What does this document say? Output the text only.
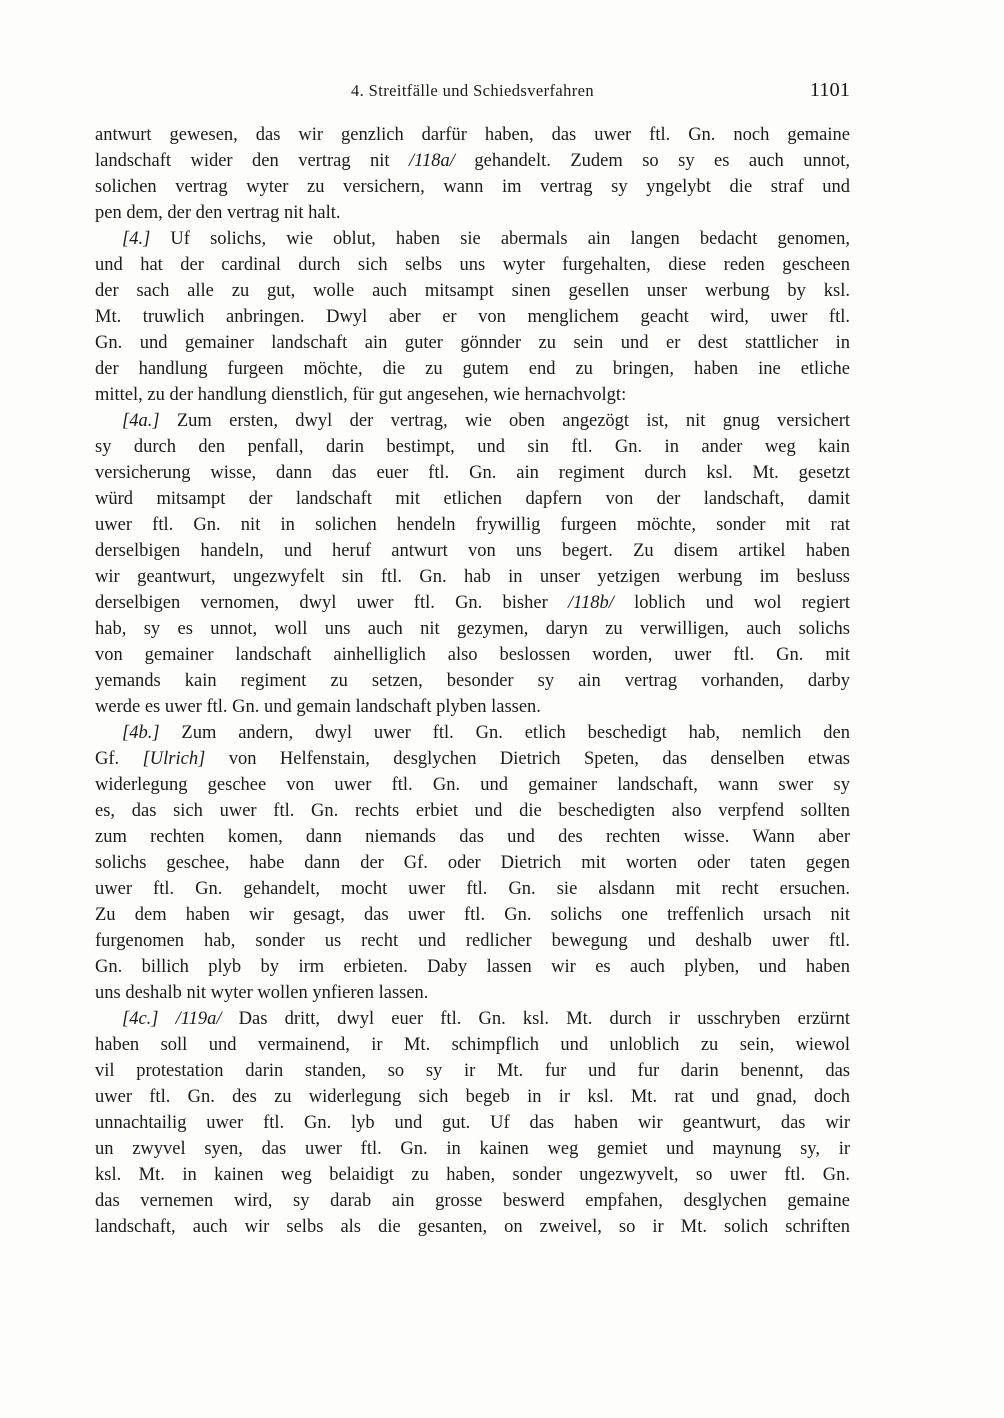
4. Streitfälle und Schiedsverfahren	1101
antwurt gewesen, das wir genzlich darfür haben, das uwer ftl. Gn. noch gemaine
landschaft wider den vertrag nit /118a/ gehandelt. Zudem so sy es auch unnot,
solichen vertrag wyter zu versichern, wann im vertrag sy yngelybt die straf und
pen dem, der den vertrag nit halt.
[4.] Uf solichs, wie oblut, haben sie abermals ain langen bedacht genomen,
und hat der cardinal durch sich selbs uns wyter furgehalten, diese reden gescheen
der sach alle zu gut, wolle auch mitsampt sinen gesellen unser werbung by ksl.
Mt. truwlich anbringen. Dwyl aber er von menglichem geacht wird, uwer ftl.
Gn. und gemainer landschaft ain guter gönnder zu sein und er dest stattlicher in
der handlung furgeen möchte, die zu gutem end zu bringen, haben ine etliche
mittel, zu der handlung dienstlich, für gut angesehen, wie hernachvolgt:
[4a.] Zum ersten, dwyl der vertrag, wie oben angezögt ist, nit gnug versichert
sy durch den penfall, darin bestimpt, und sin ftl. Gn. in ander weg kain
versicherung wisse, dann das euer ftl. Gn. ain regiment durch ksl. Mt. gesetzt
würd mitsampt der landschaft mit etlichen dapfern von der landschaft, damit
uwer ftl. Gn. nit in solichen hendeln frywillig furgeen möchte, sonder mit rat
derselbigen handeln, und heruf antwurt von uns begert. Zu disem artikel haben
wir geantwurt, ungezwyfelt sin ftl. Gn. hab in unser yetzigen werbung im besluss
derselbigen vernomen, dwyl uwer ftl. Gn. bisher /118b/ loblich und wol regiert
hab, sy es unnot, woll uns auch nit gezymen, daryn zu verwilligen, auch solichs
von gemainer landschaft ainhelliglich also beslossen worden, uwer ftl. Gn. mit
yemands kain regiment zu setzen, besonder sy ain vertrag vorhanden, darby
werde es uwer ftl. Gn. und gemain landschaft plyben lassen.
[4b.] Zum andern, dwyl uwer ftl. Gn. etlich beschedigt hab, nemlich den
Gf. [Ulrich] von Helfenstain, desglychen Dietrich Speten, das denselben etwas
widerlegung geschee von uwer ftl. Gn. und gemainer landschaft, wann swer sy
es, das sich uwer ftl. Gn. rechts erbiet und die beschedigten also verpfend sollten
zum rechten komen, dann niemands das und des rechten wisse. Wann aber
solichs geschee, habe dann der Gf. oder Dietrich mit worten oder taten gegen
uwer ftl. Gn. gehandelt, mocht uwer ftl. Gn. sie alsdann mit recht ersuchen.
Zu dem haben wir gesagt, das uwer ftl. Gn. solichs one treffenlich ursach nit
furgenomen hab, sonder us recht und redlicher bewegung und deshalb uwer ftl.
Gn. billich plyb by irm erbieten. Daby lassen wir es auch plyben, und haben
uns deshalb nit wyter wollen ynfieren lassen.
[4c.] /119a/ Das dritt, dwyl euer ftl. Gn. ksl. Mt. durch ir usschryben erzürnt
haben soll und vermainend, ir Mt. schimpflich und unloblich zu sein, wiewol
vil protestation darin standen, so sy ir Mt. fur und fur darin benennt, das
uwer ftl. Gn. des zu widerlegung sich begeb in ir ksl. Mt. rat und gnad, doch
unnachtailig uwer ftl. Gn. lyb und gut. Uf das haben wir geantwurt, das wir
un zwyvel syen, das uwer ftl. Gn. in kainen weg gemiet und maynung sy, ir
ksl. Mt. in kainen weg belaidigt zu haben, sonder ungezwyvelt, so uwer ftl. Gn.
das vernemen wird, sy darab ain grosse beswerd empfahen, desglychen gemaine
landschaft, auch wir selbs als die gesanten, on zweivel, so ir Mt. solich schriften
